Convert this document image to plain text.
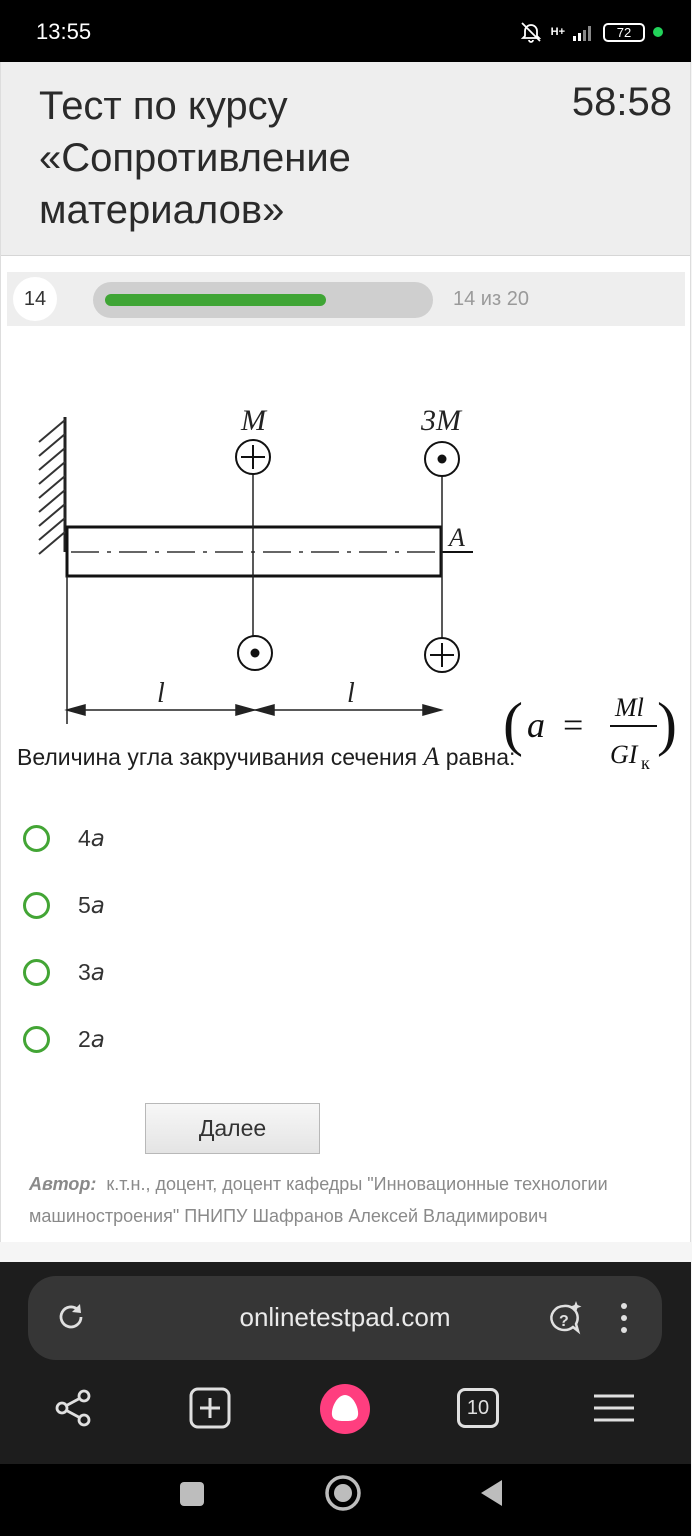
13:55	H+	72
Тест по курсу
«Сопротивление
материалов»
58:58
14	14 из 20
M	3M
A
l	l ( a = Ml
GI к
)
Величина угла закручивания сечения A равна:
4a
5a
3a
2a
Далее
Автор: к.т.н., доцент, доцент кафедры "Инновационные технологии машиностроения" ПНИПУ Шафранов Алексей Владимирович
onlinetestpad.com	?
10
